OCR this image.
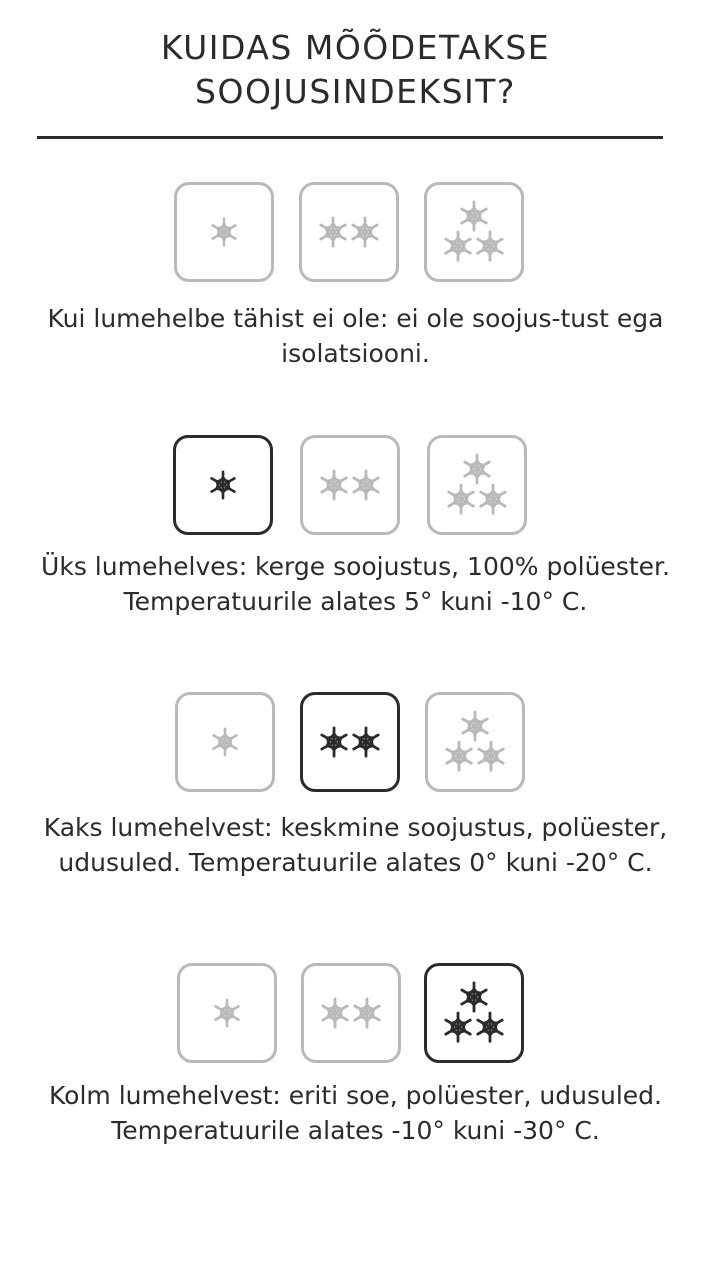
KUIDAS MÕÕDETAKSE
SOOJUSINDEKSIT?

Kui lumehelbe tähist ei ole: ei ole soojus-tust ega isolatsiooni.

Üks lumehelves: kerge soojustus, 100% polüester. Temperatuurile alates 5° kuni -10° C.

Kaks lumehelvest: keskmine soojustus, polüester, udusuled. Temperatuurile alates 0° kuni -20° C.

Kolm lumehelvest: eriti soe, polüester, udusuled. Temperatuurile alates -10° kuni -30° C.
